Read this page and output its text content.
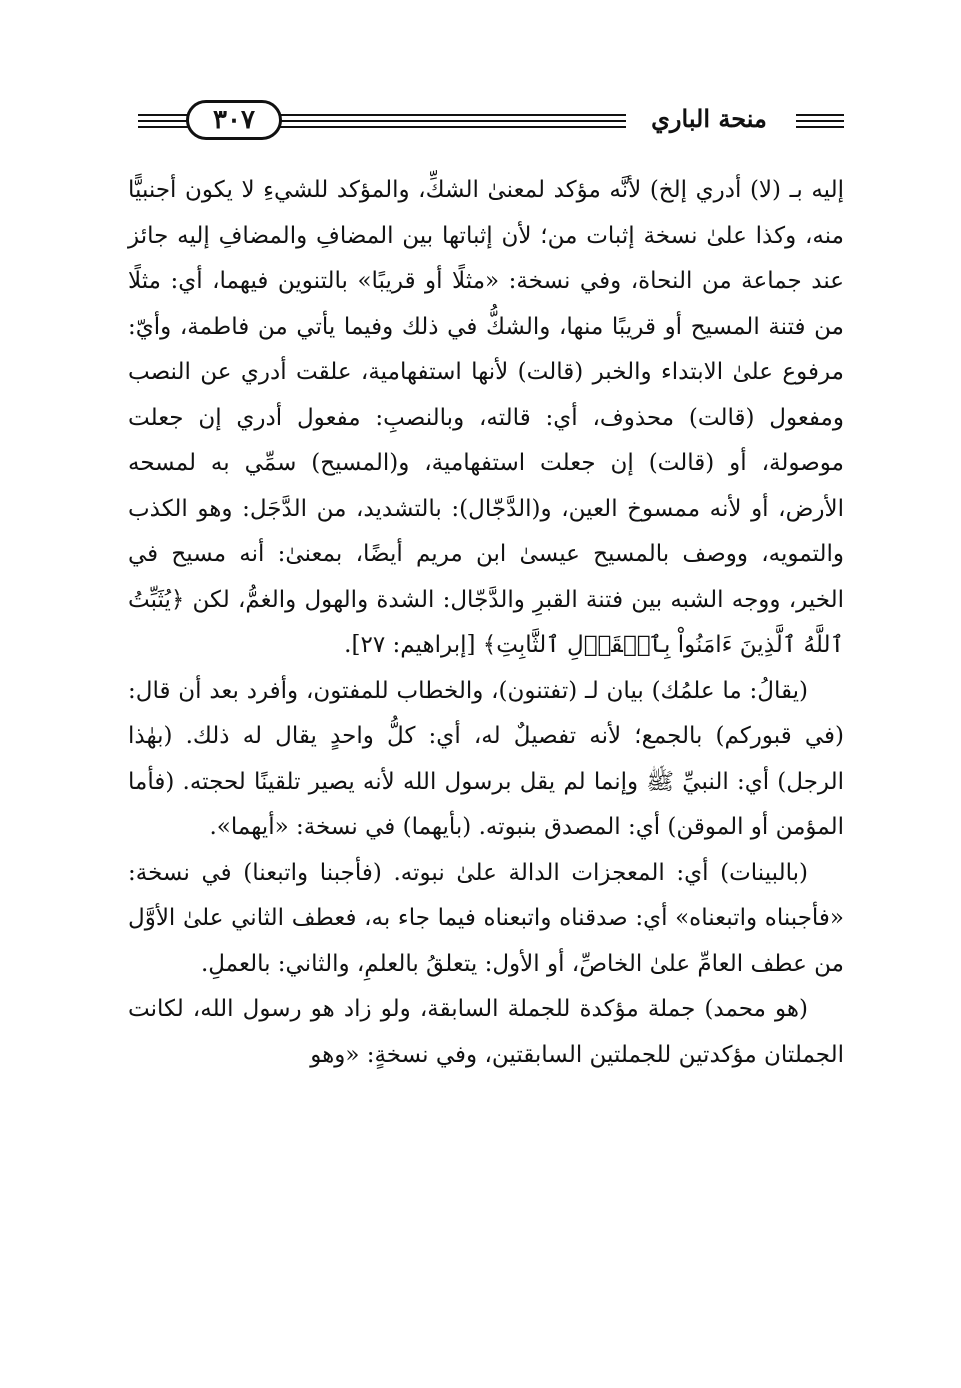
٣٠٧	منحة الباري

إليه بـ (لا) أدري إلخ) لأنَّه مؤكد لمعنىٰ الشكِّ، والمؤكد للشيءِ لا يكون أجنبيًّا منه، وكذا علىٰ نسخة إثبات من؛ لأن إثباتها بين المضافِ والمضافِ إليه جائز عند جماعة من النحاة، وفي نسخة: «مثلًا أو قريبًا» بالتنوين فيهما، أي: مثلًا من فتنة المسيح أو قريبًا منها، والشكُّ في ذلك وفيما يأتي من فاطمة، وأيّ: مرفوع علىٰ الابتداء والخبر (قالت) لأنها استفهامية، علقت أدري عن النصب ومفعول (قالت) محذوف، أي: قالته، وبالنصبِ: مفعول أدري إن جعلت موصولة، أو (قالت) إن جعلت استفهامية، و(المسيح) سمِّي به لمسحه الأرض، أو لأنه ممسوخ العين، و(الدَّجّال): بالتشديد، من الدَّجَل: وهو الكذب والتمويه، ووصف بالمسيح عيسىٰ ابن مريم أيضًا، بمعنىٰ: أنه مسيح في الخير، ووجه الشبه بين فتنة القبرِ والدَّجّال: الشدة والهول والغمُّ، لكن ﴿يُثَبِّتُ ٱللَّهُ ٱلَّذِينَ ءَامَنُواْ بِٱلۡقَوۡلِ ٱلثَّابِتِ﴾ [إبراهيم: ٢٧].

(يقالُ: ما علمُك) بيان لـ (تفتنون)، والخطاب للمفتون، وأفرد بعد أن قال: (في قبوركم) بالجمع؛ لأنه تفصيلٌ له، أي: كلُّ واحدٍ يقال له ذلك. (بهٰذا الرجل) أي: النبيِّ ﷺ وإنما لم يقل برسول الله لأنه يصير تلقينًا لحجته. (فأما المؤمن أو الموقن) أي: المصدق بنبوته. (بأيهما) في نسخة: «أيهما».

(بالبينات) أي: المعجزات الدالة علىٰ نبوته. (فأجبنا واتبعنا) في نسخة: «فأجبناه واتبعناه» أي: صدقناه واتبعناه فيما جاء به، فعطف الثاني علىٰ الأوَّل من عطف العامِّ علىٰ الخاصِّ، أو الأول: يتعلقُ بالعلمِ، والثاني: بالعملِ.

(هو محمد) جملة مؤكدة للجملة السابقة، ولو زاد هو رسول الله، لكانت الجملتان مؤكدتين للجملتين السابقتين، وفي نسخةٍ: «وهو
